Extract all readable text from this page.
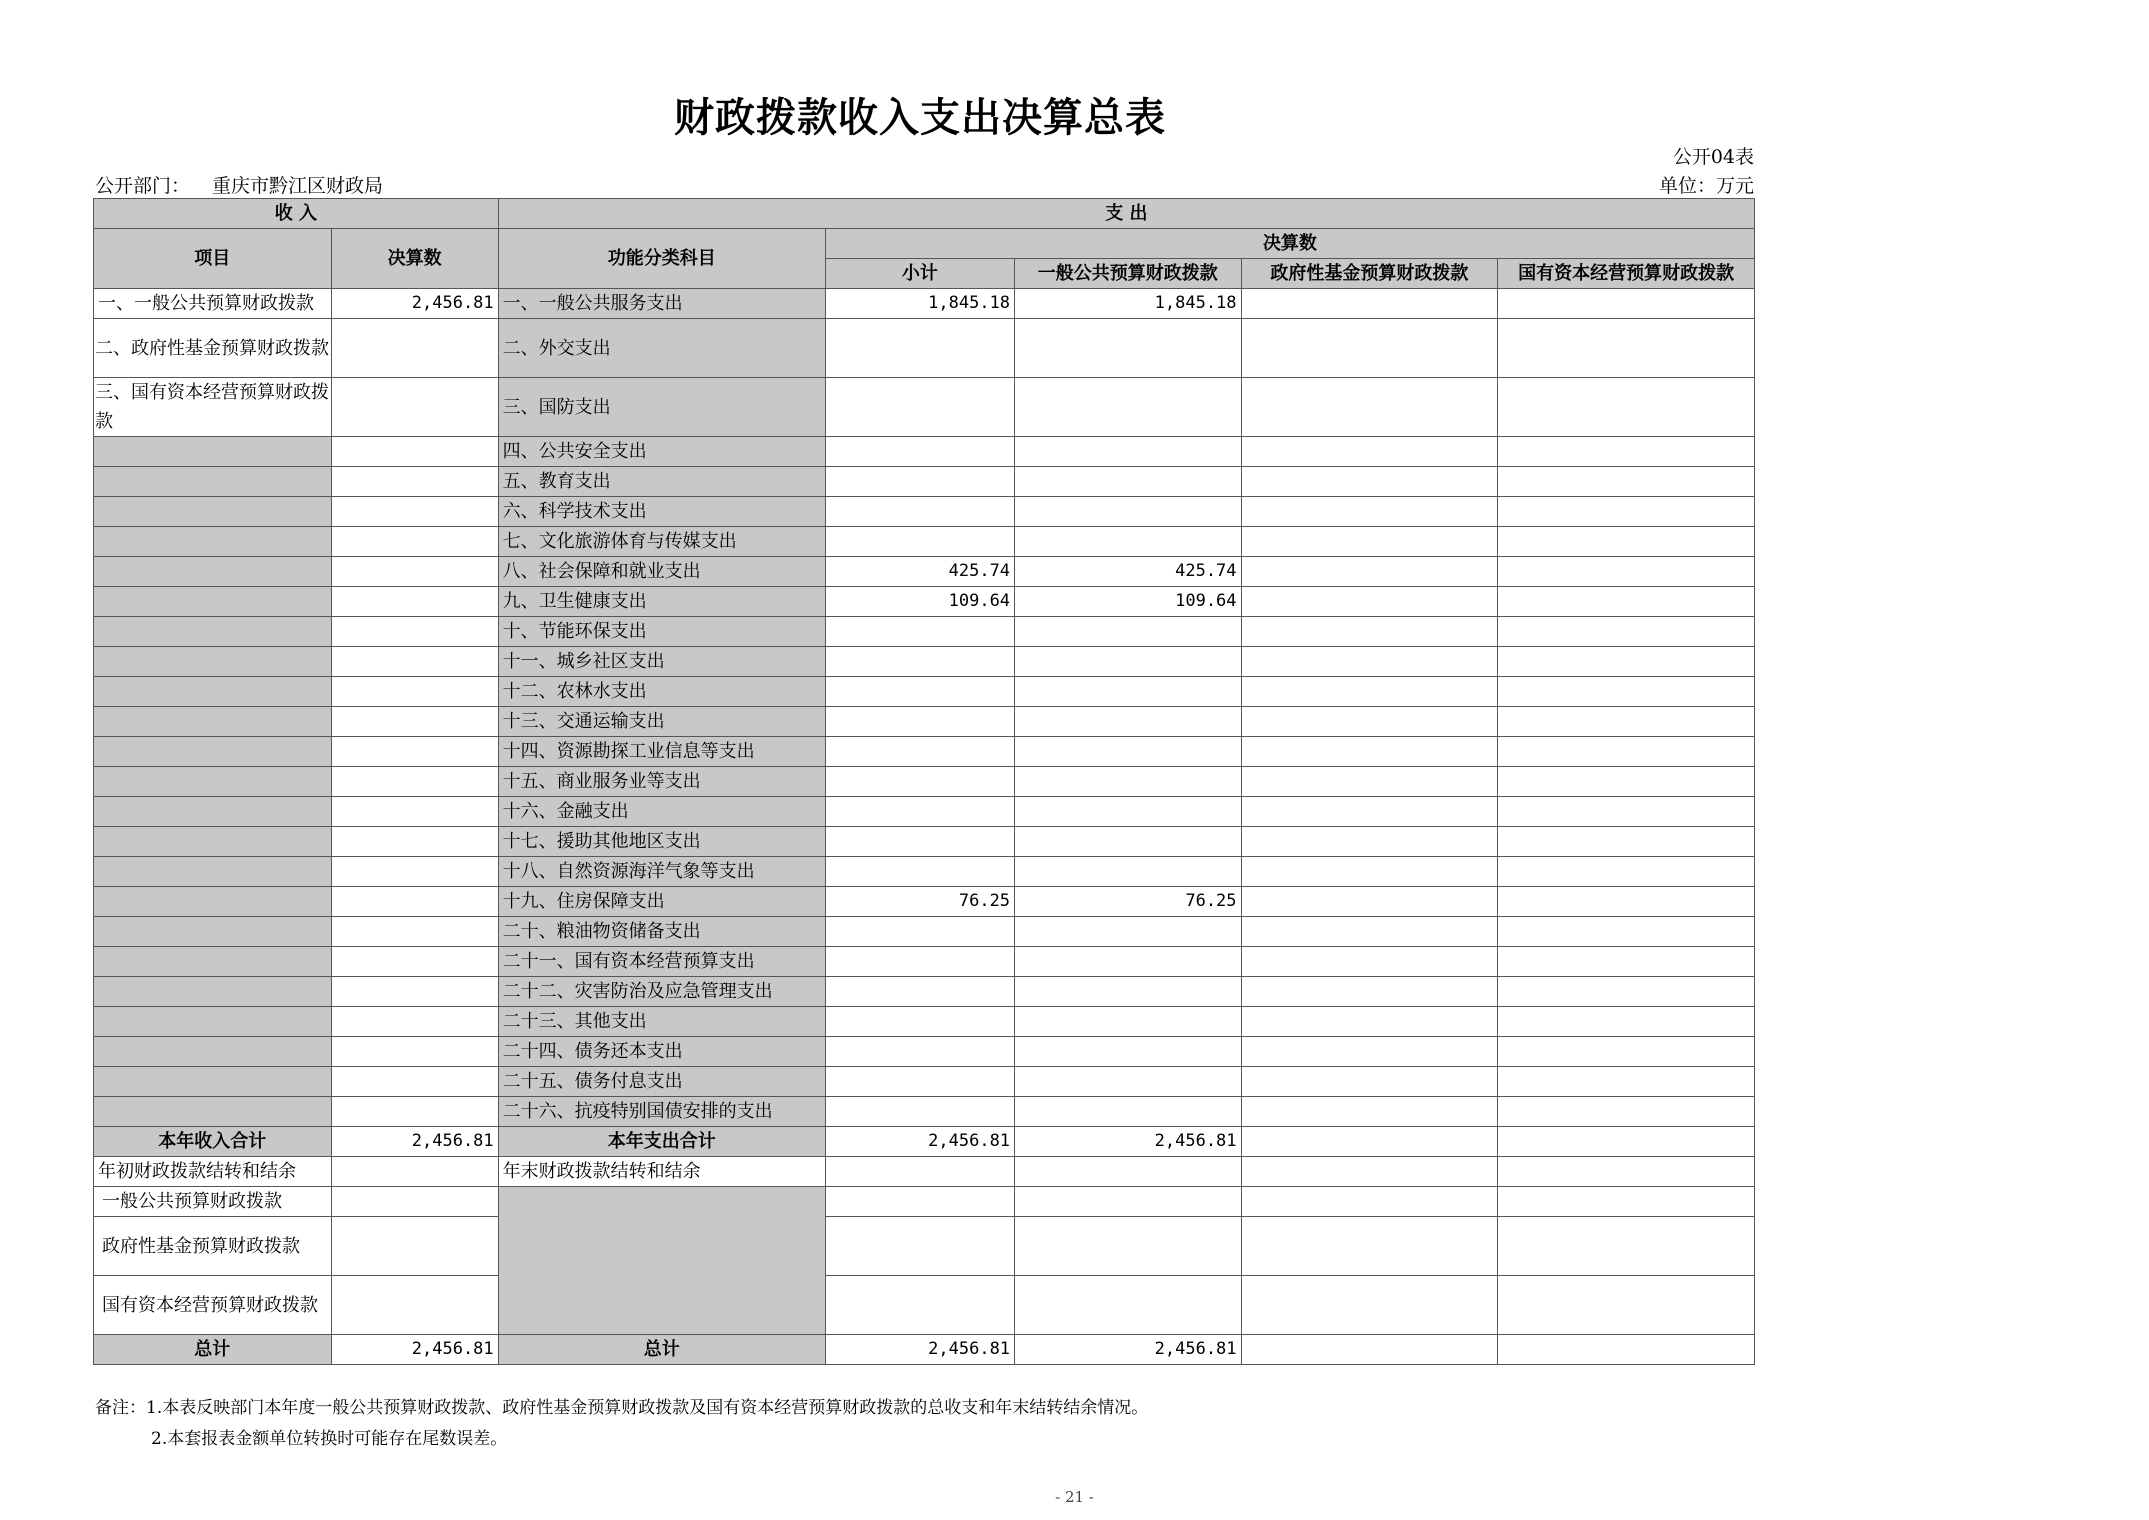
财政拨款收入支出决算总表
公开04表
公开部门： 重庆市黔江区财政局	单位：万元
收 入		支 出				
项目	决算数	功能分类科目	决算数			
			小计	一般公共预算财政拨款	政府性基金预算财政拨款	国有资本经营预算财政拨款
一、一般公共预算财政拨款	2,456.81	一、一般公共服务支出	1,845.18	1,845.18		
二、政府性基金预算财政拨款		二、外交支出				
三、国有资本经营预算财政拨款		三、国防支出				
		四、公共安全支出				
		五、教育支出				
		六、科学技术支出				
		七、文化旅游体育与传媒支出				
		八、社会保障和就业支出	425.74	425.74		
		九、卫生健康支出	109.64	109.64		
		十、节能环保支出				
		十一、城乡社区支出				
		十二、农林水支出				
		十三、交通运输支出				
		十四、资源勘探工业信息等支出				
		十五、商业服务业等支出				
		十六、金融支出				
		十七、援助其他地区支出				
		十八、自然资源海洋气象等支出				
		十九、住房保障支出	76.25	76.25		
		二十、粮油物资储备支出				
		二十一、国有资本经营预算支出				
		二十二、灾害防治及应急管理支出				
		二十三、其他支出				
		二十四、债务还本支出				
		二十五、债务付息支出				
		二十六、抗疫特别国债安排的支出				
本年收入合计	2,456.81	本年支出合计	2,456.81	2,456.81		
年初财政拨款结转和结余		年末财政拨款结转和结余				
一般公共预算财政拨款						
政府性基金预算财政拨款						
国有资本经营预算财政拨款						
总计	2,456.81	总计	2,456.81	2,456.81		
备注：1.本表反映部门本年度一般公共预算财政拨款、政府性基金预算财政拨款及国有资本经营预算财政拨款的总收支和年末结转结余情况。
2.本套报表金额单位转换时可能存在尾数误差。
- 21 -
